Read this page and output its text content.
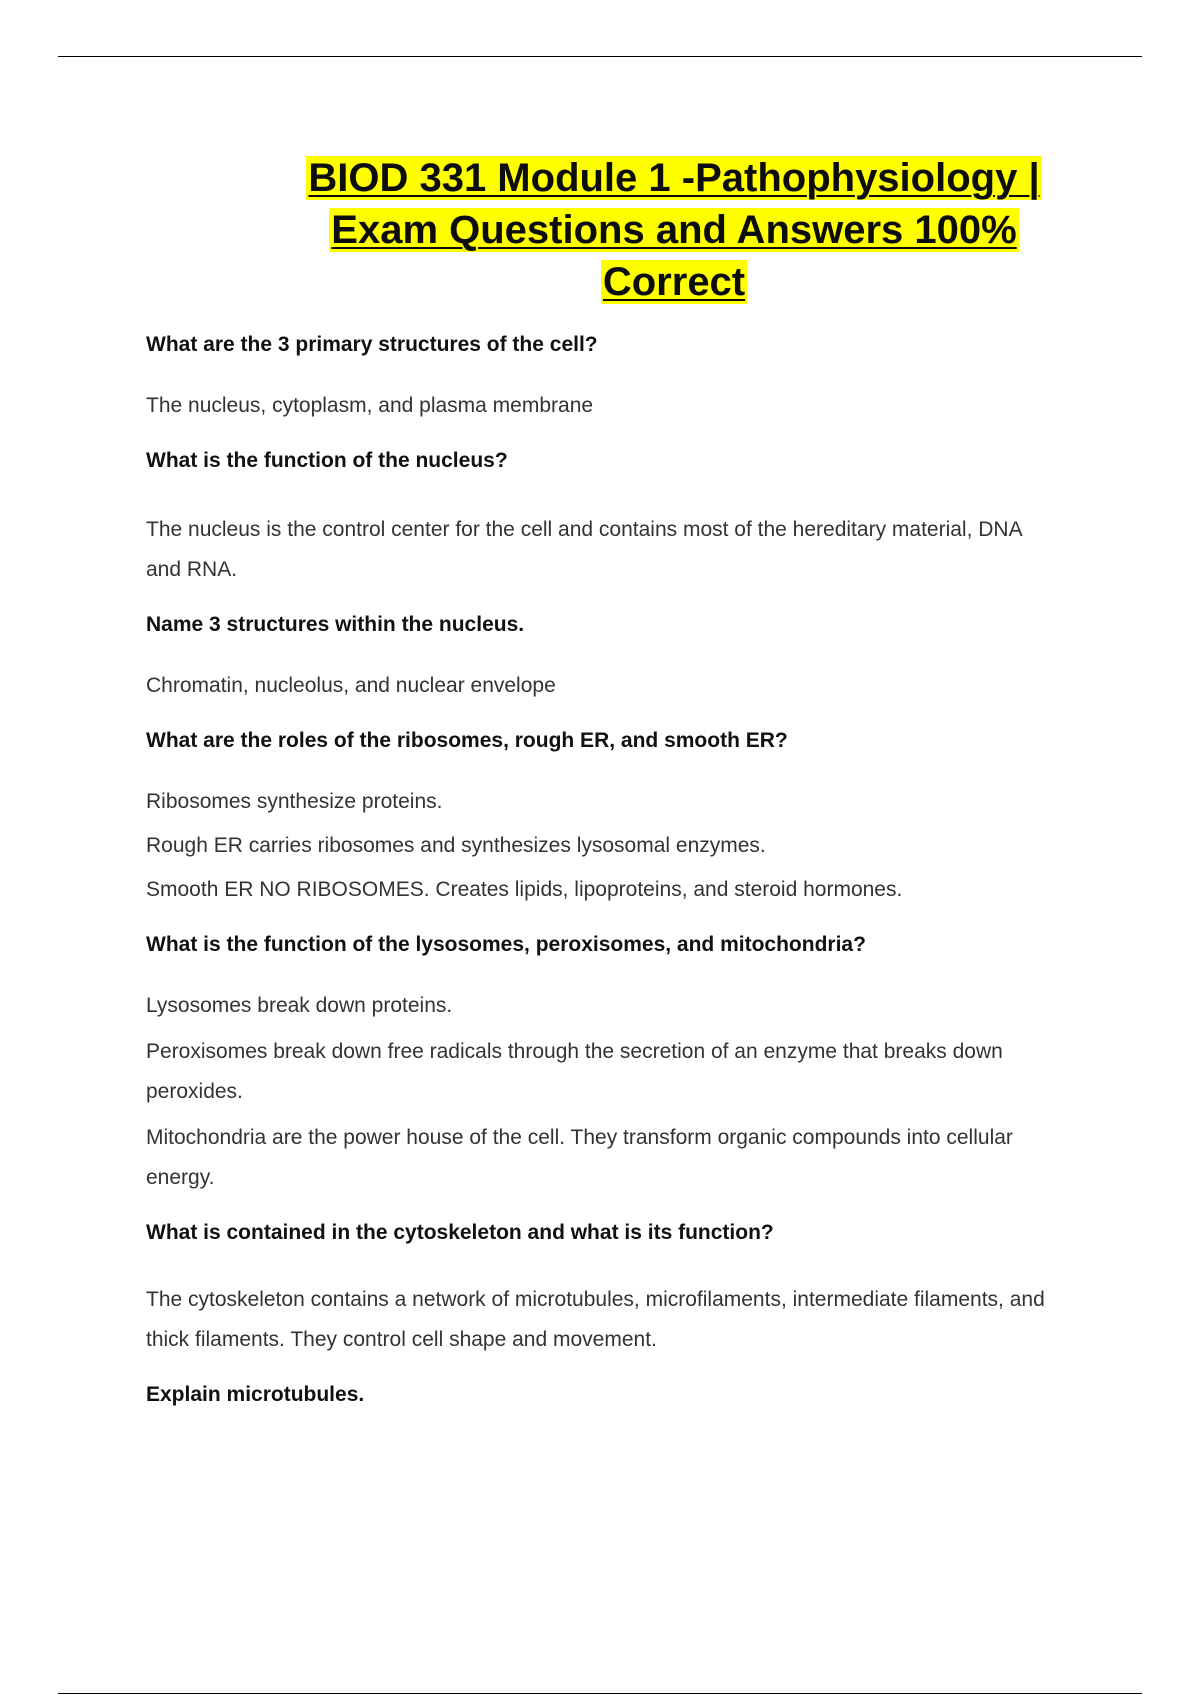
BIOD 331 Module 1 -Pathophysiology |
Exam Questions and Answers 100%
Correct

What are the 3 primary structures of the cell?

The nucleus, cytoplasm, and plasma membrane

What is the function of the nucleus?

The nucleus is the control center for the cell and contains most of the hereditary material, DNA and RNA.

Name 3 structures within the nucleus.

Chromatin, nucleolus, and nuclear envelope

What are the roles of the ribosomes, rough ER, and smooth ER?

Ribosomes synthesize proteins.

Rough ER carries ribosomes and synthesizes lysosomal enzymes.

Smooth ER NO RIBOSOMES. Creates lipids, lipoproteins, and steroid hormones.

What is the function of the lysosomes, peroxisomes, and mitochondria?

Lysosomes break down proteins.

Peroxisomes break down free radicals through the secretion of an enzyme that breaks down peroxides.

Mitochondria are the power house of the cell. They transform organic compounds into cellular energy.

What is contained in the cytoskeleton and what is its function?

The cytoskeleton contains a network of microtubules, microfilaments, intermediate filaments, and thick filaments. They control cell shape and movement.

Explain microtubules.
